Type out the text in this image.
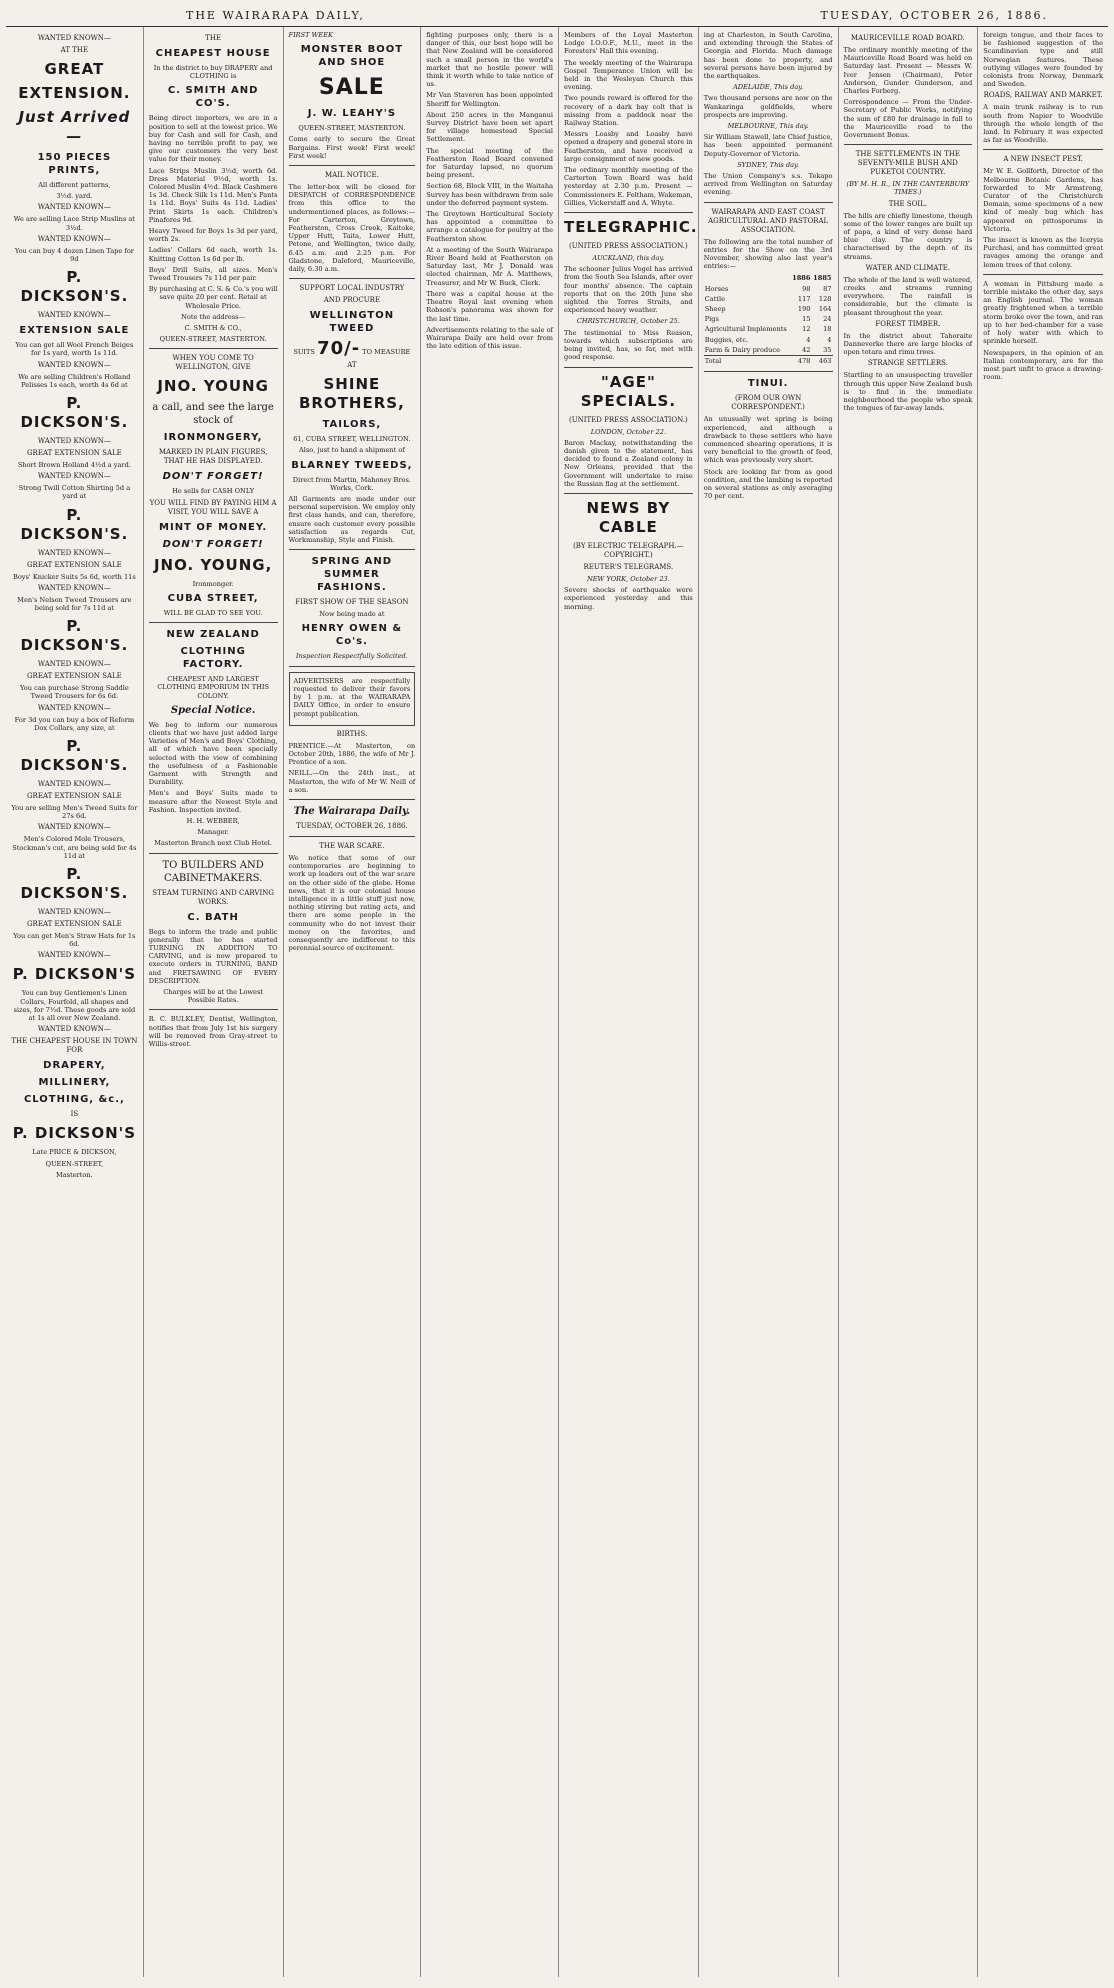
THE WAIRARAPA DAILY,	TUESDAY, OCTOBER 26, 1886.
WANTED KNOWN—
AT THE
GREAT
EXTENSION.
Just Arrived—
150 PIECES PRINTS,
All different patterns,
3½d. yard.
WANTED KNOWN—
We are selling Lace Strip Muslins at 3½d.
WANTED KNOWN—
You can buy 4 dozen Linen Tape for 9d
P. DICKSON'S.
WANTED KNOWN—
EXTENSION SALE
You can get all Wool French Beiges for 1s yard, worth 1s 11d.
WANTED KNOWN—
We are selling Children's Holland Pelisses 1s each, worth 4s 6d at
P. DICKSON'S.
WANTED KNOWN—
GREAT EXTENSION SALE
Short Brown Holland 4½d a yard.
WANTED KNOWN—
Strong Twill Cotton Shirting 5d a yard at
P. DICKSON'S.
WANTED KNOWN—
GREAT EXTENSION SALE
Boys' Knicker Suits 5s 6d, worth 11s
WANTED KNOWN—
Men's Nelson Tweed Trousers are being sold for 7s 11d at
P. DICKSON'S.
WANTED KNOWN—
GREAT EXTENSION SALE
You can purchase Strong Saddle Tweed Trousers for 6s 6d.
WANTED KNOWN—
For 3d you can buy a box of Reform Dox Collars, any size, at
P. DICKSON'S.
WANTED KNOWN—
GREAT EXTENSION SALE
You are selling Men's Tweed Suits for 27s 6d.
WANTED KNOWN—
Men's Colored Mole Trousers, Stockman's cut, are being sold for 4s 11d at
P. DICKSON'S.
WANTED KNOWN—
GREAT EXTENSION SALE
You can get Men's Straw Hats for 1s 6d.
WANTED KNOWN—
P. DICKSON'S
You can buy Gentlemen's Linen Collars, Fourfold, all shapes and sizes, for 7½d. These goods are sold at 1s all over New Zealand.
WANTED KNOWN—
THE CHEAPEST HOUSE IN TOWN FOR
DRAPERY,
MILLINERY,
CLOTHING, &c.,
IS
P. DICKSON'S
Late PRICE & DICKSON,
QUEEN-STREET,
Masterton.
THE
CHEAPEST HOUSE
In the district to buy DRAPERY and CLOTHING is
C. SMITH AND CO'S.
Being direct importers, we are in a position to sell at the lowest price. We buy for Cash and sell for Cash, and having no terrible profit to pay, we give our customers the very best value for their money.
Lace Strips Muslin 3½d, worth 6d. Dress Material 9½d, worth 1s. Colored Muslin 4½d. Black Cashmere 1s 3d. Check Silk 1s 11d. Men's Pants 1s 11d. Boys' Suits 4s 11d. Ladies' Print Skirts 1s each. Children's Pinafores 9d.
Heavy Tweed for Boys 1s 3d per yard, worth 2s.
Ladies' Collars 6d each, worth 1s. Knitting Cotton 1s 6d per lb.
Boys' Drill Suits, all sizes. Men's Tweed Trousers 7s 11d per pair.
By purchasing at C. S. & Co.'s you will save quite 20 per cent. Retail at Wholesale Price.
Note the address—
C. SMITH & CO.,
QUEEN-STREET, MASTERTON.
WHEN YOU COME TO WELLINGTON, GIVE
JNO. YOUNG
a call, and see the large stock of
IRONMONGERY,
MARKED IN PLAIN FIGURES, THAT HE HAS DISPLAYED.
DON'T FORGET!
He sells for CASH ONLY
YOU WILL FIND BY PAYING HIM A VISIT, YOU WILL SAVE A
MINT OF MONEY.
DON'T FORGET!
JNO. YOUNG,
Ironmonger.
CUBA STREET,
WILL BE GLAD TO SEE YOU.
NEW ZEALAND
CLOTHING FACTORY.
CHEAPEST AND LARGEST CLOTHING EMPORIUM IN THIS COLONY.
Special Notice.
We beg to inform our numerous clients that we have just added large Varieties of Men's and Boys' Clothing, all of which have been specially selected with the view of combining the usefulness of a Fashionable Garment with Strength and Durability.
Men's and Boys' Suits made to measure after the Newest Style and Fashion. Inspection invited.
H. H. WEBBER,
Manager.
Masterton Branch next Club Hotel.
TO BUILDERS AND CABINETMAKERS.
STEAM TURNING AND CARVING WORKS.
C. BATH
Begs to inform the trade and public generally that he has started TURNING IN ADDITION TO CARVING, and is now prepared to execute orders in TURNING, BAND and FRETSAWING OF EVERY DESCRIPTION.
Charges will be at the Lowest Possible Rates.
R. C. BULKLEY, Dentist, Wellington, notifies that from July 1st his surgery will be removed from Gray-street to Willis-street.
FIRST WEEK
MONSTER BOOT AND SHOE
SALE
J. W. LEAHY'S
QUEEN-STREET, MASTERTON.
Come early to secure the Great Bargains. First week! First week! First week!
MAIL NOTICE.
The letter-box will be closed for DESPATCH of CORRESPONDENCE from this office to the undermentioned places, as follows:— For Carterton, Greytown, Featherston, Cross Creek, Kaitoke, Upper Hutt, Taita, Lower Hutt, Petone, and Wellington, twice daily, 6.45 a.m. and 2.25 p.m. For Gladstone, Daleford, Mauriceville, daily, 6.30 a.m.
SUPPORT LOCAL INDUSTRY
AND PROCURE
WELLINGTON TWEED
SUITS 70/- TO MEASURE
AT
SHINE BROTHERS,
TAILORS,
61, CUBA STREET, WELLINGTON.
Also, just to hand a shipment of
BLARNEY TWEEDS,
Direct from Martin, Mahoney Bros. Works, Cork.
All Garments are made under our personal supervision. We employ only first class hands, and can, therefore, ensure each customer every possible satisfaction as regards Cut, Workmanship, Style and Finish.
SPRING AND SUMMER FASHIONS.
FIRST SHOW OF THE SEASON
Now being made at
HENRY OWEN & Co's.
Inspection Respectfully Solicited.
ADVERTISERS are respectfully requested to deliver their favors by 1 p.m. at the WAIRARAPA DAILY Office, in order to ensure prompt publication.
BIRTHS.
PRENTICE.—At Masterton, on October 20th, 1886, the wife of Mr J. Prentice of a son.
NEILL.—On the 24th inst., at Masterton, the wife of Mr W. Neill of a son.
The Wairarapa Daily.
TUESDAY, OCTOBER 26, 1886.
THE WAR SCARE.
We notice that some of our contemporaries are beginning to work up leaders out of the war scare on the other side of the globe. Home news, that it is our colonial house intelligence in a little stuff just now, nothing stirring but rating acts, and there are some people in the community who do not invest their money on the favorites, and consequently are indifferent to this perennial source of excitement.
fighting purposes only, there is a danger of this, our best hope will be that New Zealand will be considered such a small person in the world's market that no hostile power will think it worth while to take notice of us.
Mr Van Staveren has been appointed Sheriff for Wellington.
About 250 acres in the Manganui Survey District have been set apart for village homestead Special Settlement.
The special meeting of the Featherston Road Board convened for Saturday lapsed, no quorum being present.
Section 68, Block VIII, in the Waitaha Survey has been withdrawn from sale under the deferred payment system.
The Greytown Horticultural Society has appointed a committee to arrange a catalogue for poultry at the Featherston show.
At a meeting of the South Wairarapa River Board held at Featherston on Saturday last, Mr J. Donald was elected chairman, Mr A. Matthews, Treasurer, and Mr W. Buck, Clerk.
There was a capital house at the Theatre Royal last evening when Robson's panorama was shown for the last time.
Advertisements relating to the sale of Wairarapa Daily are held over from the late edition of this issue.
Members of the Loyal Masterton Lodge I.O.O.F., M.U., meet in the Foresters' Hall this evening.
The weekly meeting of the Wairarapa Gospel Temperance Union will be held in the Wesleyan Church this evening.
Two pounds reward is offered for the recovery of a dark bay colt that is missing from a paddock near the Railway Station.
Messrs Loasby and Loasby have opened a drapery and general store in Featherston, and have received a large consignment of new goods.
The ordinary monthly meeting of the Carterton Town Board was held yesterday at 2.30 p.m. Present — Commissioners E. Feltham, Wakeman, Gillies, Vickerstaff and A. Whyte.
TELEGRAPHIC.
(UNITED PRESS ASSOCIATION.)
AUCKLAND, this day.
The schooner Julius Vogel has arrived from the South Sea Islands, after over four months' absence. The captain reports that on the 20th June she sighted the Torres Straits, and experienced heavy weather.
CHRISTCHURCH, October 25.
The testimonial to Miss Reason, towards which subscriptions are being invited, has, so far, met with good response.
"AGE" SPECIALS.
(UNITED PRESS ASSOCIATION.)
LONDON, October 22.
Baron Mackay, notwithstanding the danish given to the statement, has decided to found a Zealand colony in New Orleans, provided that the Government will undertake to raise the Russian flag at the settlement.
NEWS BY CABLE
(BY ELECTRIC TELEGRAPH.—COPYRIGHT.)
REUTER'S TELEGRAMS.
NEW YORK, October 23.
Severe shocks of earthquake were experienced yesterday and this morning.
ing at Charleston, in South Carolina, and extending through the States of Georgia and Florida. Much damage has been done to property, and several persons have been injured by the earthquakes.
ADELAIDE, This day.
Two thousand persons are now on the Wankaringa goldfields, where prospects are improving.
MELBOURNE, This day.
Sir William Stawell, late Chief Justice, has been appointed permanent Deputy-Governor of Victoria.
SYDNEY, This day.
The Union Company's s.s. Tekapo arrived from Wellington on Saturday evening.
WAIRARAPA AND EAST COAST AGRICULTURAL AND PASTORAL ASSOCIATION.
The following are the total number of entries for the Show on the 3rd November, showing also last year's entries:—
	1886	1885
Horses	98	87
Cattle	117	128
Sheep	190	164
Pigs	15	24
Agricultural Implements	12	18
Buggies, etc.	4	4
Farm & Dairy produce	42	35
Total	478	463
TINUI.
(FROM OUR OWN CORRESPONDENT.)
An unusually wet spring is being experienced, and although a drawback to these settlers who have commenced shearing operations, it is very beneficial to the growth of feed, which was previously very short.
Stock are looking far from as good condition, and the lambing is reported on several stations as only averaging 70 per cent.
MAURICEVILLE ROAD BOARD.
The ordinary monthly meeting of the Mauriceville Road Board was held on Saturday last. Present — Messrs W. Iver Jensen (Chairman), Peter Anderson, Gunder Gunderson, and Charles Forberg.
Correspondence — From the Under-Secretary of Public Works, notifying the sum of £80 for drainage in full to the Mauriceville road to the Government Bonus.
THE SETTLEMENTS IN THE SEVENTY-MILE BUSH AND PUKETOI COUNTRY.
(BY M. H. R., IN THE CANTERBURY TIMES.)
THE SOIL.
The hills are chiefly limestone, though some of the lower ranges are built up of papa, a kind of very dense hard blue clay. The country is characterised by the depth of its streams.
WATER AND CLIMATE.
The whole of the land is well watered, creeks and streams running everywhere. The rainfall is considerable, but the climate is pleasant throughout the year.
FOREST TIMBER.
In the district about Tahoraite Danneverke there are large blocks of open totara and rimu trees.
STRANGE SETTLERS.
Startling to an unsuspecting traveller through this upper New Zealand bush is to find in the immediate neighbourhood the people who speak the tongues of far-away lands.
foreign tongue, and their faces to be fashioned suggestion of the Scandinavian type and still Norwegian features. These outlying villages were founded by colonists from Norway, Denmark and Sweden.
ROADS, RAILWAY AND MARKET.
A main trunk railway is to run south from Napier to Woodville through the whole length of the land. In February it was expected as far as Woodville.
A NEW INSECT PEST.
Mr W. E. Gollforth, Director of the Melbourne Botanic Gardens, has forwarded to Mr Armstrong, Curator of the Christchurch Domain, some specimens of a new kind of mealy bug which has appeared on pittosporums in Victoria.
The insect is known as the Iceryia Purchasi, and has committed great ravages among the orange and lemon trees of that colony.
A woman in Pittsburg made a terrible mistake the other day, says an English journal. The woman greatly frightened when a terrible storm broke over the town, and ran up to her bed-chamber for a vase of holy water with which to sprinkle herself.
Newspapers, in the opinion of an Italian contemporary, are for the most part unfit to grace a drawing-room.
